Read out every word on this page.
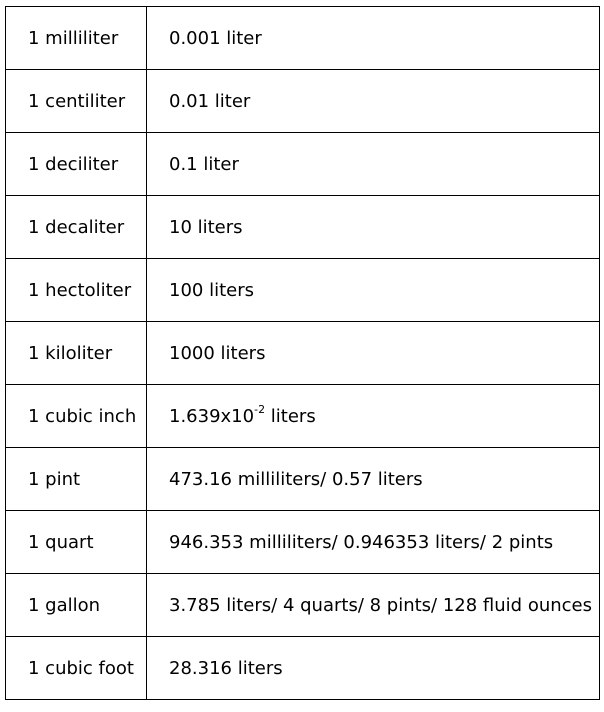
1 milliliter	0.001 liter
1 centiliter	0.01 liter
1 deciliter	0.1 liter
1 decaliter	10 liters
1 hectoliter	100 liters
1 kiloliter	1000 liters
1 cubic inch	$1.639x10^{-2}$ liters
1 pint	473.16 milliliters/ 0.57 liters
1 quart	946.353 milliliters/ 0.946353 liters/ 2 pints
1 gallon	3.785 liters/ 4 quarts/ 8 pints/ 128 fluid ounces
1 cubic foot	28.316 liters
